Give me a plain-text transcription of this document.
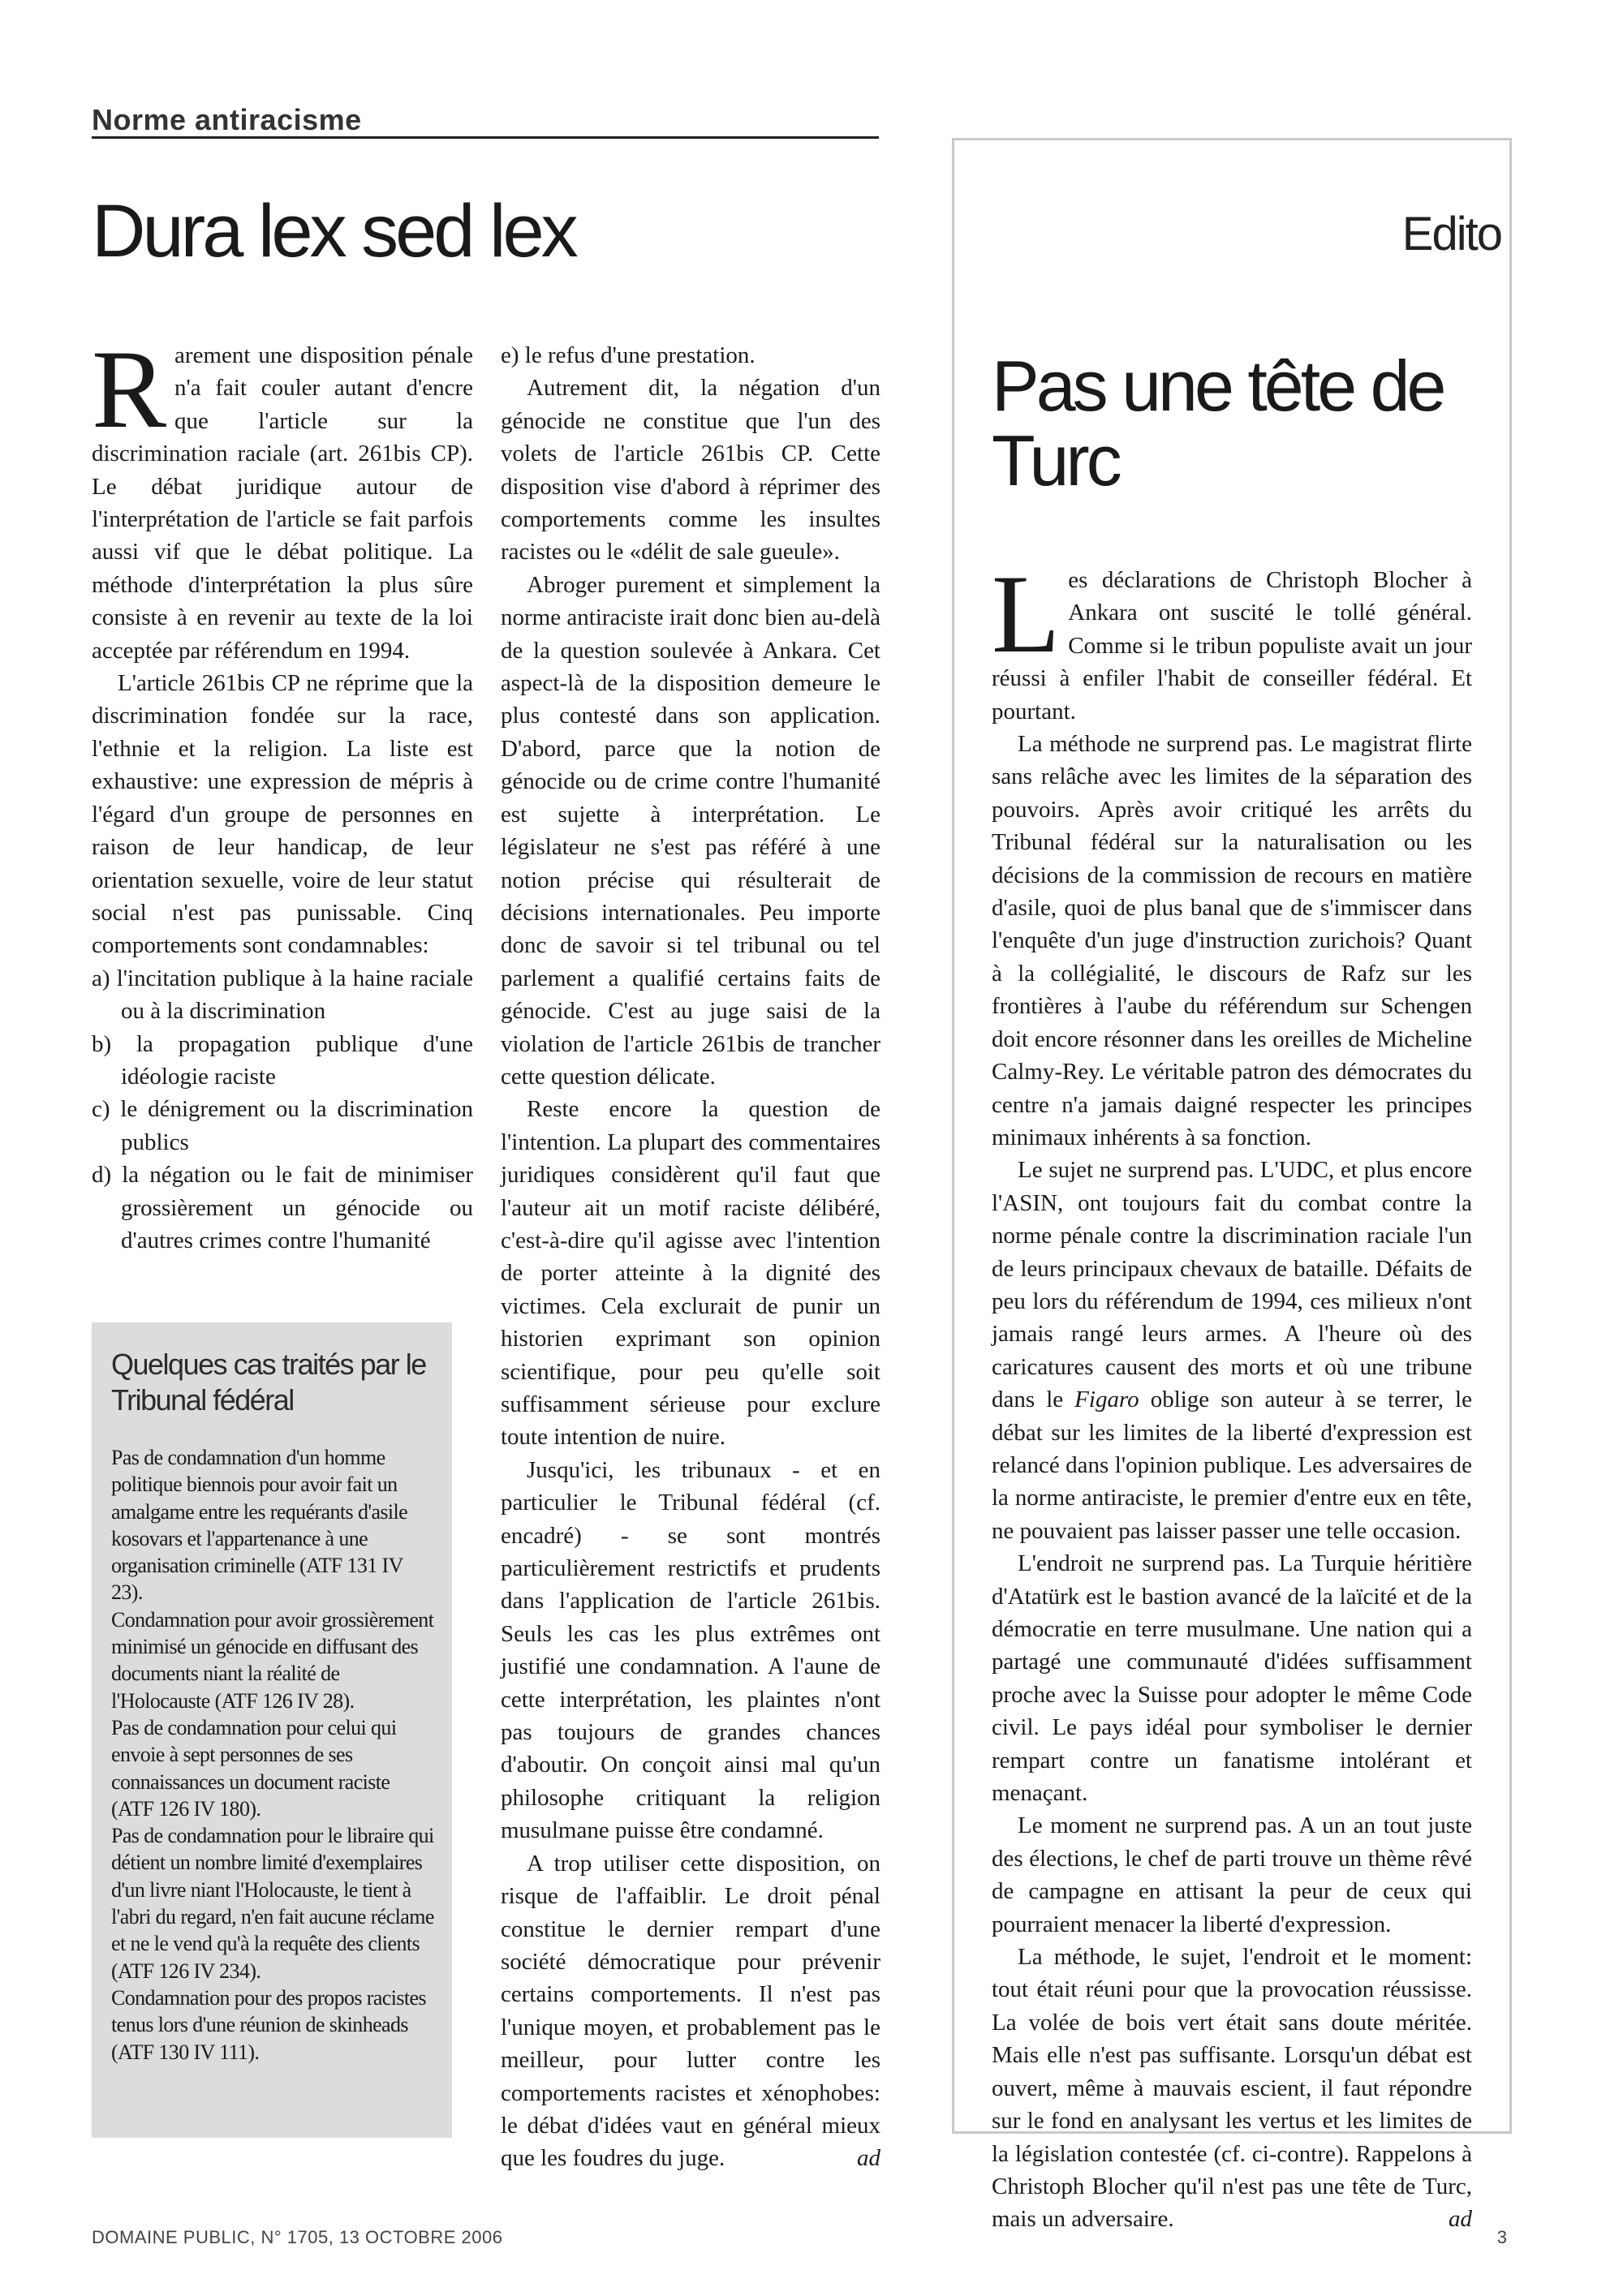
Norme antiracisme
Dura lex sed lex

Rarement une disposition pénale n'a fait couler autant d'encre que l'article sur la discrimination raciale (art. 261bis CP). Le débat juridique autour de l'interprétation de l'article se fait parfois aussi vif que le débat politique. La méthode d'interprétation la plus sûre consiste à en revenir au texte de la loi acceptée par référendum en 1994.

L'article 261bis CP ne réprime que la discrimination fondée sur la race, l'ethnie et la religion. La liste est exhaustive: une expression de mépris à l'égard d'un groupe de personnes en raison de leur handicap, de leur orientation sexuelle, voire de leur statut social n'est pas punissable. Cinq comportements sont condamnables:

a) l'incitation publique à la haine raciale ou à la discrimination
b) la propagation publique d'une idéologie raciste
c) le dénigrement ou la discrimination publics
d) la négation ou le fait de minimiser grossièrement un génocide ou d'autres crimes contre l'humanité
Quelques cas traités par le Tribunal fédéral
Pas de condamnation d'un homme politique biennois pour avoir fait un amalgame entre les requérants d'asile kosovars et l'appartenance à une organisation criminelle (ATF 131 IV 23).
Condamnation pour avoir grossièrement minimisé un génocide en diffusant des documents niant la réalité de l'Holocauste (ATF 126 IV 28).
Pas de condamnation pour celui qui envoie à sept personnes de ses connaissances un document raciste (ATF 126 IV 180).
Pas de condamnation pour le libraire qui détient un nombre limité d'exemplaires d'un livre niant l'Holocauste, le tient à l'abri du regard, n'en fait aucune réclame et ne le vend qu'à la requête des clients (ATF 126 IV 234).
Condamnation pour des propos racistes tenus lors d'une réunion de skinheads (ATF 130 IV 111).
e) le refus d'une prestation.

Autrement dit, la négation d'un génocide ne constitue que l'un des volets de l'article 261bis CP. Cette disposition vise d'abord à réprimer des comportements comme les insultes racistes ou le «délit de sale gueule».

Abroger purement et simplement la norme antiraciste irait donc bien au-delà de la question soulevée à Ankara. Cet aspect-là de la disposition demeure le plus contesté dans son application. D'abord, parce que la notion de génocide ou de crime contre l'humanité est sujette à interprétation. Le législateur ne s'est pas référé à une notion précise qui résulterait de décisions internationales. Peu importe donc de savoir si tel tribunal ou tel parlement a qualifié certains faits de génocide. C'est au juge saisi de la violation de l'article 261bis de trancher cette question délicate.

Reste encore la question de l'intention. La plupart des commentaires juridiques considèrent qu'il faut que l'auteur ait un motif raciste délibéré, c'est-à-dire qu'il agisse avec l'intention de porter atteinte à la dignité des victimes. Cela exclurait de punir un historien exprimant son opinion scientifique, pour peu qu'elle soit suffisamment sérieuse pour exclure toute intention de nuire.

Jusqu'ici, les tribunaux - et en particulier le Tribunal fédéral (cf. encadré) - se sont montrés particulièrement restrictifs et prudents dans l'application de l'article 261bis. Seuls les cas les plus extrêmes ont justifié une condamnation. A l'aune de cette interprétation, les plaintes n'ont pas toujours de grandes chances d'aboutir. On conçoit ainsi mal qu'un philosophe critiquant la religion musulmane puisse être condamné.

A trop utiliser cette disposition, on risque de l'affaiblir. Le droit pénal constitue le dernier rempart d'une société démocratique pour prévenir certains comportements. Il n'est pas l'unique moyen, et probablement pas le meilleur, pour lutter contre les comportements racistes et xénophobes: le débat d'idées vaut en général mieux que les foudres du juge.	ad

Edito
Pas une tête de Turc

Les déclarations de Christoph Blocher à Ankara ont suscité le tollé général. Comme si le tribun populiste avait un jour réussi à enfiler l'habit de conseiller fédéral. Et pourtant.

La méthode ne surprend pas. Le magistrat flirte sans relâche avec les limites de la séparation des pouvoirs. Après avoir critiqué les arrêts du Tribunal fédéral sur la naturalisation ou les décisions de la commission de recours en matière d'asile, quoi de plus banal que de s'immiscer dans l'enquête d'un juge d'instruction zurichois? Quant à la collégialité, le discours de Rafz sur les frontières à l'aube du référendum sur Schengen doit encore résonner dans les oreilles de Micheline Calmy-Rey. Le véritable patron des démocrates du centre n'a jamais daigné respecter les principes minimaux inhérents à sa fonction.

Le sujet ne surprend pas. L'UDC, et plus encore l'ASIN, ont toujours fait du combat contre la norme pénale contre la discrimination raciale l'un de leurs principaux chevaux de bataille. Défaits de peu lors du référendum de 1994, ces milieux n'ont jamais rangé leurs armes. A l'heure où des caricatures causent des morts et où une tribune dans le Figaro oblige son auteur à se terrer, le débat sur les limites de la liberté d'expression est relancé dans l'opinion publique. Les adversaires de la norme antiraciste, le premier d'entre eux en tête, ne pouvaient pas laisser passer une telle occasion.

L'endroit ne surprend pas. La Turquie héritière d'Atatürk est le bastion avancé de la laïcité et de la démocratie en terre musulmane. Une nation qui a partagé une communauté d'idées suffisamment proche avec la Suisse pour adopter le même Code civil. Le pays idéal pour symboliser le dernier rempart contre un fanatisme intolérant et menaçant.

Le moment ne surprend pas. A un an tout juste des élections, le chef de parti trouve un thème rêvé de campagne en attisant la peur de ceux qui pourraient menacer la liberté d'expression.

La méthode, le sujet, l'endroit et le moment: tout était réuni pour que la provocation réussisse. La volée de bois vert était sans doute méritée. Mais elle n'est pas suffisante. Lorsqu'un débat est ouvert, même à mauvais escient, il faut répondre sur le fond en analysant les vertus et les limites de la législation contestée (cf. ci-contre). Rappelons à Christoph Blocher qu'il n'est pas une tête de Turc, mais un adversaire.	ad

DOMAINE PUBLIC, N° 1705, 13 OCTOBRE 2006	3
